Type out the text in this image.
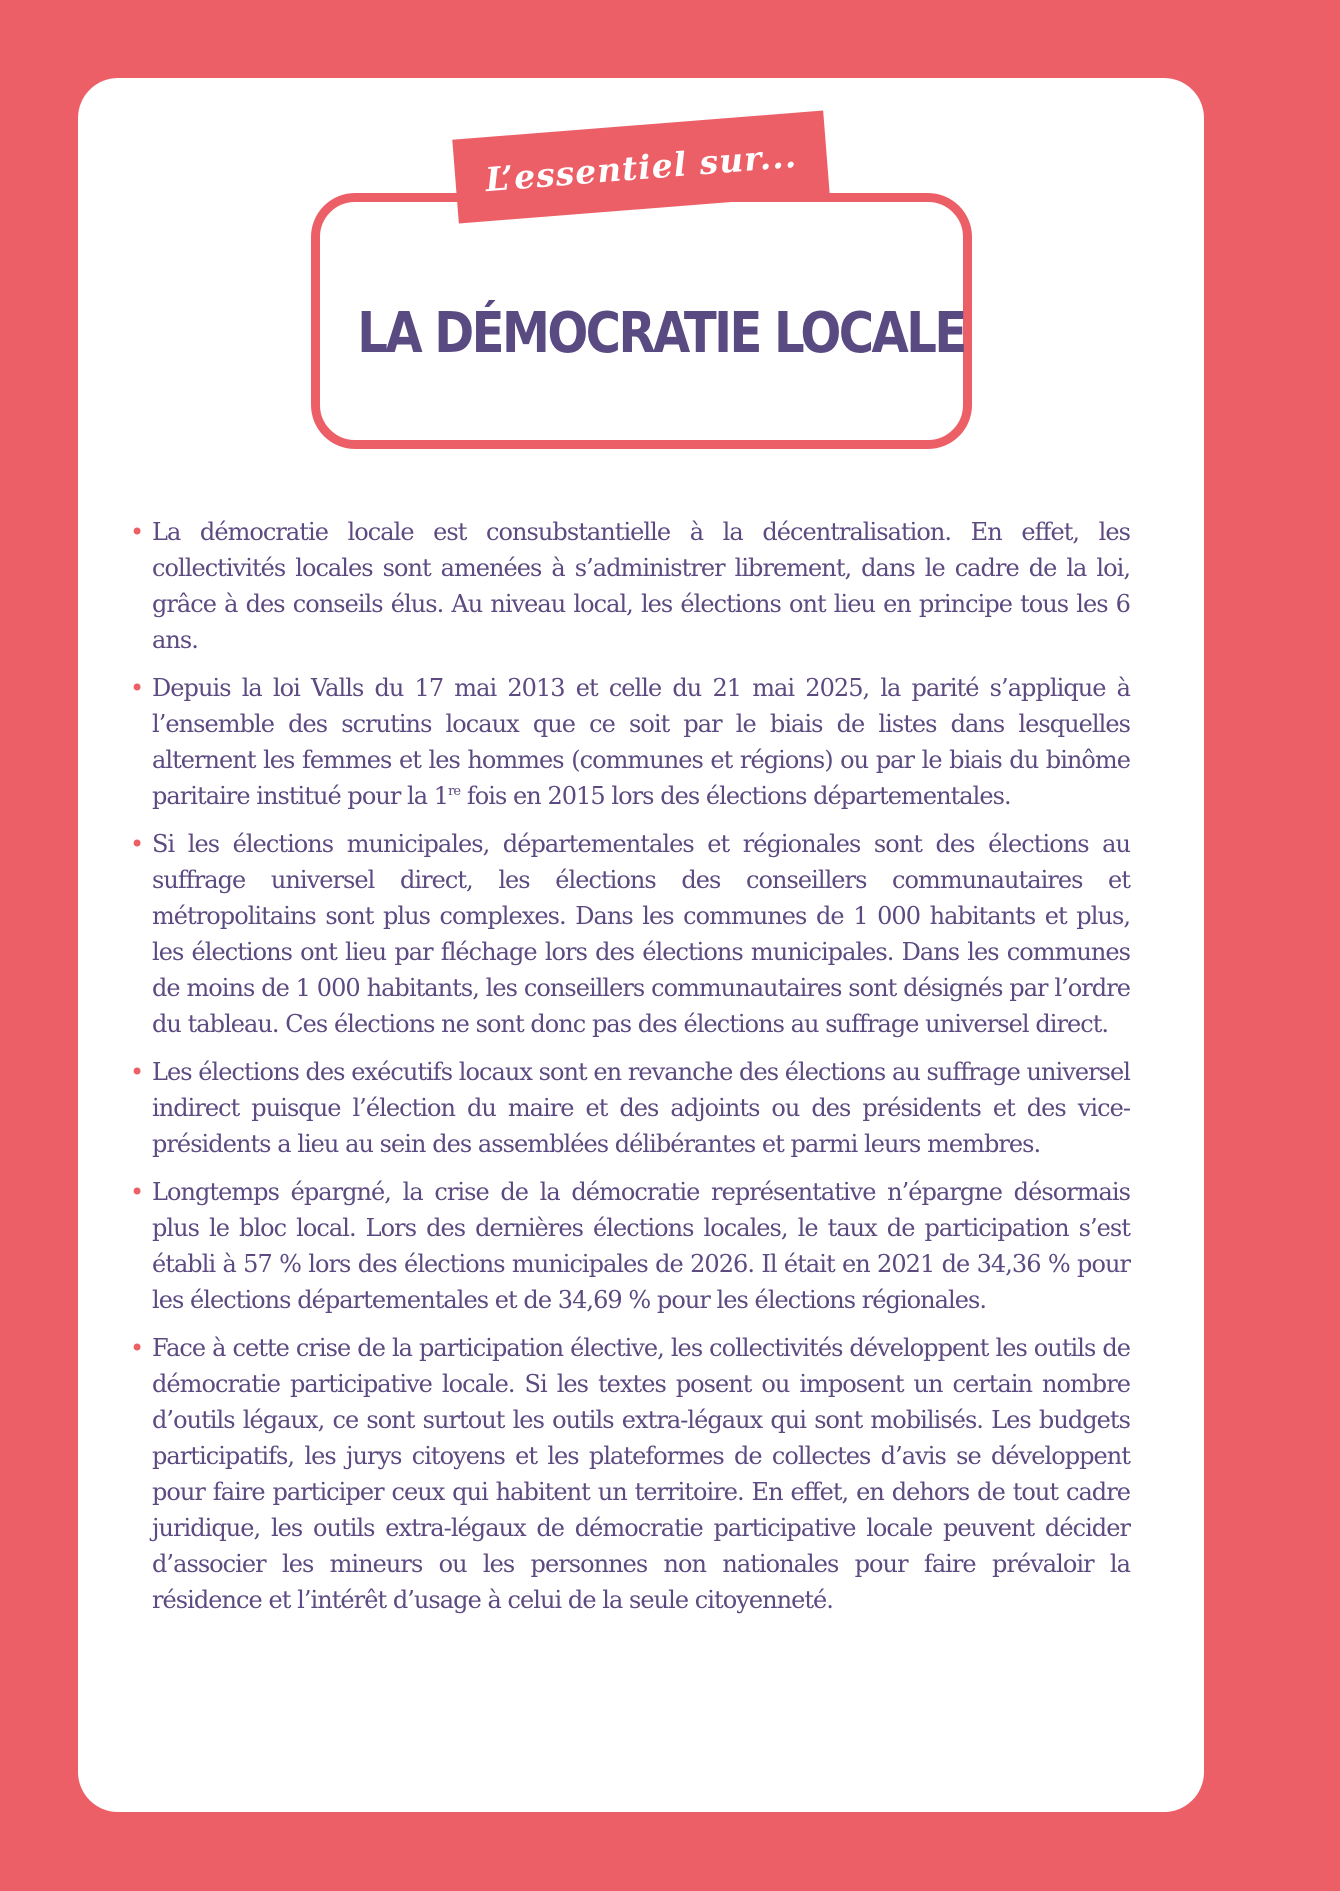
L’essentiel sur...
LA DÉMOCRATIE LOCALE
• La démocratie locale est consubstantielle à la décentralisation. En effet, les collectivités locales sont amenées à s’administrer librement, dans le cadre de la loi, grâce à des conseils élus. Au niveau local, les élections ont lieu en principe tous les 6 ans.
• Depuis la loi Valls du 17 mai 2013 et celle du 21 mai 2025, la parité s’applique à l’ensemble des scrutins locaux que ce soit par le biais de listes dans lesquelles alternent les femmes et les hommes (communes et régions) ou par le biais du binôme paritaire institué pour la 1re fois en 2015 lors des élections départementales.
• Si les élections municipales, départementales et régionales sont des élections au suffrage universel direct, les élections des conseillers communautaires et métropolitains sont plus complexes. Dans les communes de 1 000 habitants et plus, les élections ont lieu par fléchage lors des élections municipales. Dans les communes de moins de 1 000 habitants, les conseillers communautaires sont désignés par l’ordre du tableau. Ces élections ne sont donc pas des élections au suffrage universel direct.
• Les élections des exécutifs locaux sont en revanche des élections au suffrage universel indirect puisque l’élection du maire et des adjoints ou des présidents et des vice-présidents a lieu au sein des assemblées délibérantes et parmi leurs membres.
• Longtemps épargné, la crise de la démocratie représentative n’épargne désormais plus le bloc local. Lors des dernières élections locales, le taux de participation s’est établi à 57 % lors des élections municipales de 2026. Il était en 2021 de 34,36 % pour les élections départementales et de 34,69 % pour les élections régionales.
• Face à cette crise de la participation élective, les collectivités développent les outils de démocratie participative locale. Si les textes posent ou imposent un certain nombre d’outils légaux, ce sont surtout les outils extra-légaux qui sont mobilisés. Les budgets participatifs, les jurys citoyens et les plateformes de collectes d’avis se développent pour faire participer ceux qui habitent un territoire. En effet, en dehors de tout cadre juridique, les outils extra-légaux de démocratie participative locale peuvent décider d’associer les mineurs ou les personnes non nationales pour faire prévaloir la résidence et l’intérêt d’usage à celui de la seule citoyenneté.
